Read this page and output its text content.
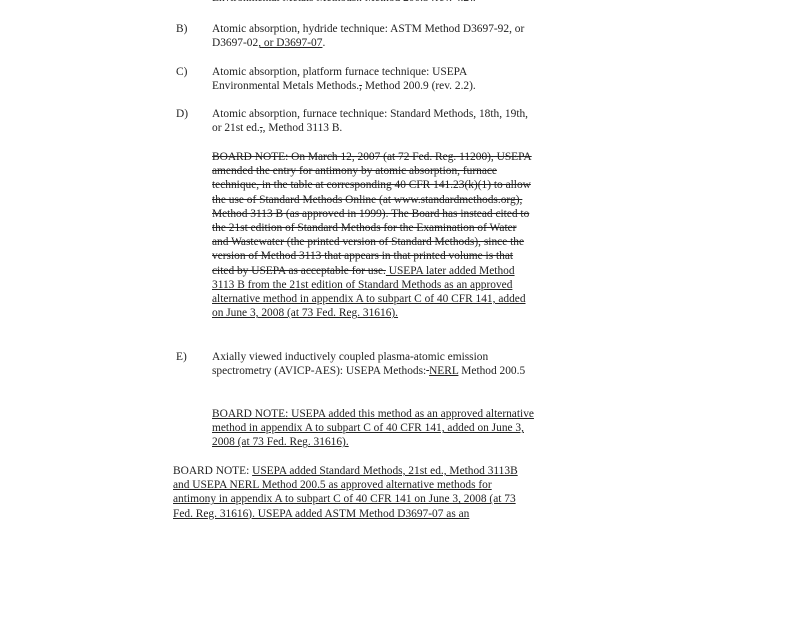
B) Atomic absorption, hydride technique: ASTM Method D3697-92, or D3697-02, or D3697-07.
C) Atomic absorption, platform furnace technique: USEPA Environmental Metals Methods., Method 200.9 (rev. 2.2).
D) Atomic absorption, furnace technique: Standard Methods, 18th, 19th, or 21st ed.,, Method 3113 B.
BOARD NOTE: On March 12, 2007 (at 72 Fed. Reg. 11200), USEPA amended the entry for antimony by atomic absorption, furnace technique, in the table at corresponding 40 CFR 141.23(k)(1) to allow the use of Standard Methods Online (at www.standardmethods.org), Method 3113 B (as approved in 1999). The Board has instead cited to the 21st edition of Standard Methods for the Examination of Water and Wastewater (the printed version of Standard Methods), since the version of Method 3113 that appears in that printed volume is that cited by USEPA as acceptable for use. USEPA later added Method 3113 B from the 21st edition of Standard Methods as an approved alternative method in appendix A to subpart C of 40 CFR 141, added on June 3, 2008 (at 73 Fed. Reg. 31616).
E) Axially viewed inductively coupled plasma-atomic emission spectrometry (AVICP-AES): USEPA Methods: NERL Method 200.5
BOARD NOTE: USEPA added this method as an approved alternative method in appendix A to subpart C of 40 CFR 141, added on June 3, 2008 (at 73 Fed. Reg. 31616).
BOARD NOTE: USEPA added Standard Methods, 21st ed., Method 3113B and USEPA NERL Method 200.5 as approved alternative methods for antimony in appendix A to subpart C of 40 CFR 141 on June 3, 2008 (at 73 Fed. Reg. 31616). USEPA added ASTM Method D3697-07 as an
